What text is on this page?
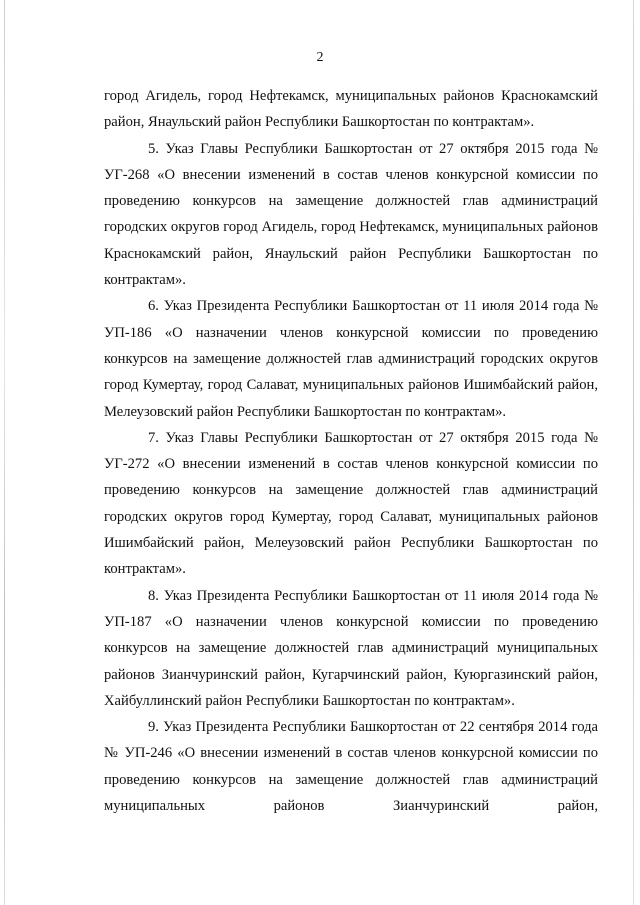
2

город Агидель, город Нефтекамск, муниципальных районов Краснокамский район, Янаульский район Республики Башкортостан по контрактам».

5. Указ Главы Республики Башкортостан от 27 октября 2015 года № УГ-268 «О внесении изменений в состав членов конкурсной комиссии по проведению конкурсов на замещение должностей глав администраций городских округов город Агидель, город Нефтекамск, муниципальных районов Краснокамский район, Янаульский район Республики Башкортостан по контрактам».

6. Указ Президента Республики Башкортостан от 11 июля 2014 года № УП-186 «О назначении членов конкурсной комиссии по проведению конкурсов на замещение должностей глав администраций городских округов город Кумертау, город Салават, муниципальных районов Ишимбайский район, Мелеузовский район Республики Башкортостан по контрактам».

7. Указ Главы Республики Башкортостан от 27 октября 2015 года № УГ-272 «О внесении изменений в состав членов конкурсной комиссии по проведению конкурсов на замещение должностей глав администраций городских округов город Кумертау, город Салават, муниципальных районов Ишимбайский район, Мелеузовский район Республики Башкортостан по контрактам».

8. Указ Президента Республики Башкортостан от 11 июля 2014 года № УП-187 «О назначении членов конкурсной комиссии по проведению конкурсов на замещение должностей глав администраций муниципальных районов Зианчуринский район, Кугарчинский район, Куюргазинский район, Хайбуллинский район Республики Башкортостан по контрактам».

9. Указ Президента Республики Башкортостан от 22 сентября 2014 года № УП-246 «О внесении изменений в состав членов конкурсной комиссии по проведению конкурсов на замещение должностей глав администраций муниципальных районов Зианчуринский район,
